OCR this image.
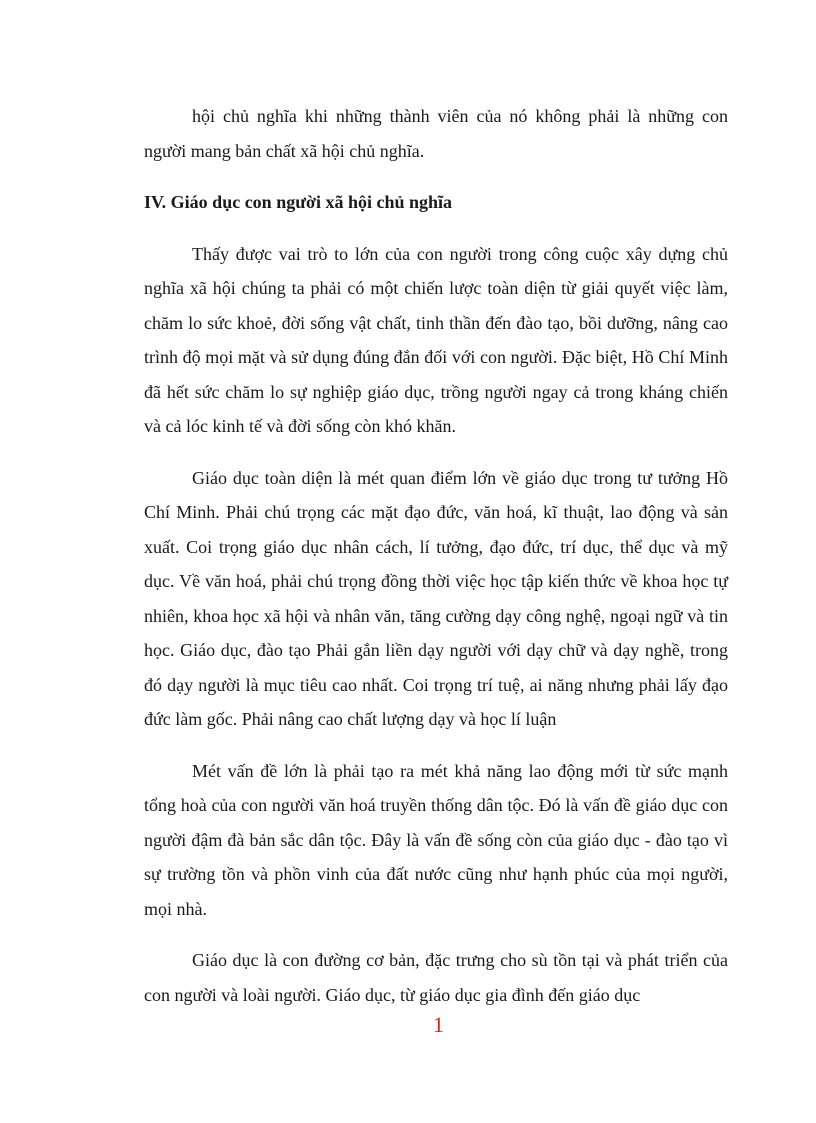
hội chủ nghĩa khi những thành viên của nó không phải là những con người mang bản chất xã hội chủ nghĩa.

IV. Giáo dục con người xã hội chủ nghĩa

Thấy được vai trò to lớn của con người trong công cuộc xây dựng chủ nghĩa xã hội chúng ta phải có một chiến lược toàn diện từ giải quyết việc làm, chăm lo sức khoẻ, đời sống vật chất, tinh thần đến đào tạo, bồi dưỡng, nâng cao trình độ mọi mặt và sử dụng đúng đắn đối với con người. Đặc biệt, Hồ Chí Minh đã hết sức chăm lo sự nghiệp giáo dục, trồng người ngay cả trong kháng chiến và cả lóc kinh tế và đời sống còn khó khăn.

Giáo dục toàn diện là mét quan điểm lớn về giáo dục trong tư tưởng Hồ Chí Minh. Phải chú trọng các mặt đạo đức, văn hoá, kĩ thuật, lao động và sản xuất. Coi trọng giáo dục nhân cách, lí tưởng, đạo đức, trí dục, thể dục và mỹ dục. Về văn hoá, phải chú trọng đồng thời việc học tập kiến thức về khoa học tự nhiên, khoa học xã hội và nhân văn, tăng cường dạy công nghệ, ngoại ngữ và tin học. Giáo dục, đào tạo Phải gắn liền dạy người với dạy chữ và dạy nghề, trong đó dạy người là mục tiêu cao nhất. Coi trọng trí tuệ, ai năng nhưng phải lấy đạo đức làm gốc. Phải nâng cao chất lượng dạy và học lí luận

Mét vấn đề lớn là phải tạo ra mét khả năng lao động mới từ sức mạnh tổng hoà của con người văn hoá truyền thống dân tộc. Đó là vấn đề giáo dục con người đậm đà bản sắc dân tộc. Đây là vấn đề sống còn của giáo dục - đào tạo vì sự trường tồn và phồn vinh của đất nước cũng như hạnh phúc của mọi người, mọi nhà.

Giáo dục là con đường cơ bản, đặc trưng cho sù tồn tại và phát triển của con người và loài người. Giáo dục, từ giáo dục gia đình đến giáo dục

1
